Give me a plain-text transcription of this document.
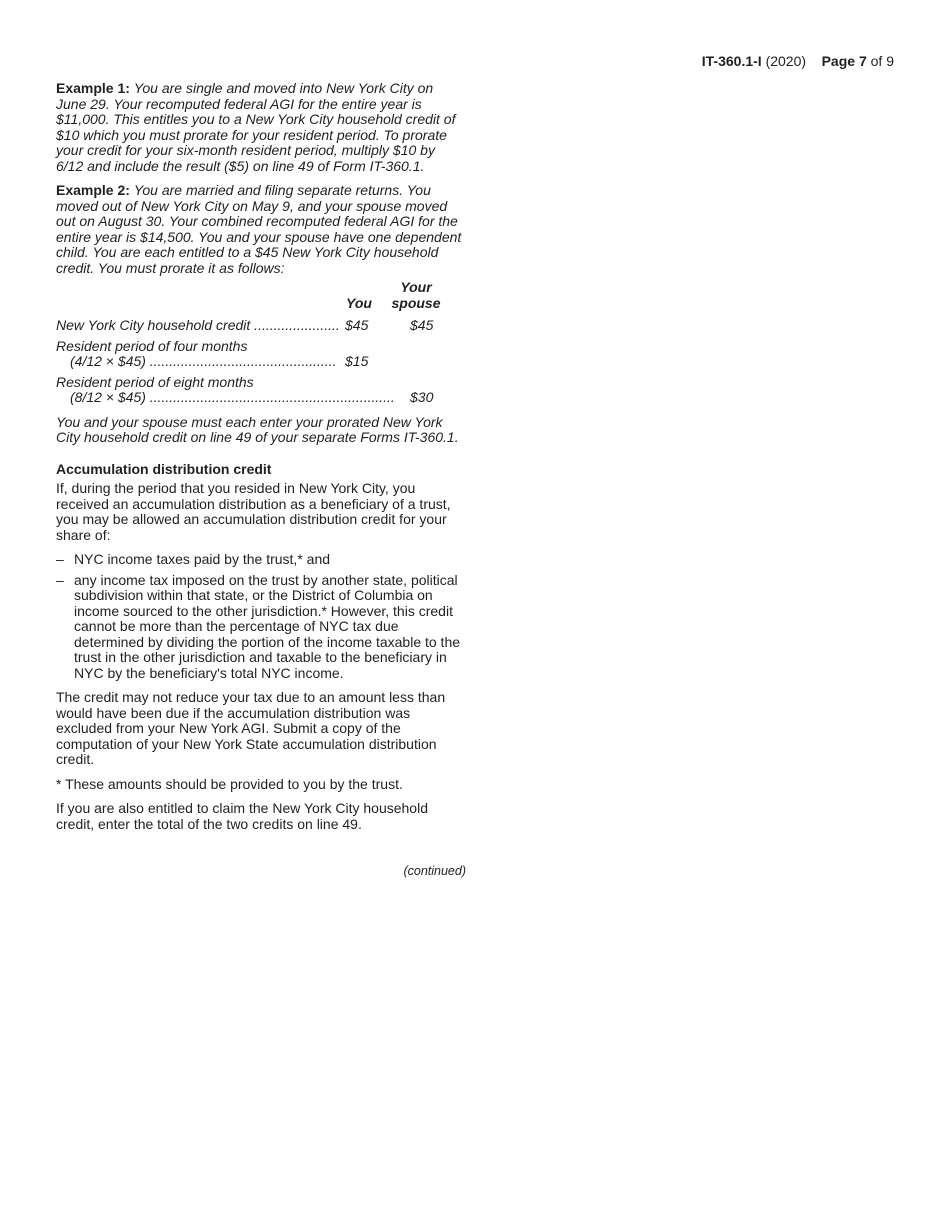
IT-360.1-I (2020) Page 7 of 9

Example 1: You are single and moved into New York City on June 29. Your recomputed federal AGI for the entire year is $11,000. This entitles you to a New York City household credit of $10 which you must prorate for your resident period. To prorate your credit for your six-month resident period, multiply $10 by 6/12 and include the result ($5) on line 49 of Form IT-360.1.

Example 2: You are married and filing separate returns. You moved out of New York City on May 9, and your spouse moved out on August 30. Your combined recomputed federal AGI for the entire year is $14,500. You and your spouse have one dependent child. You are each entitled to a $45 New York City household credit. You must prorate it as follows:

You
Your
spouse
New York City household credit ...................... $45	$45
Resident period of four months
(4/12 × $45) ................................................ $15
Resident period of eight months
(8/12 × $45) ...............................................................	$30

You and your spouse must each enter your prorated New York City household credit on line 49 of your separate Forms IT-360.1.

Accumulation distribution credit

If, during the period that you resided in New York City, you received an accumulation distribution as a beneficiary of a trust, you may be allowed an accumulation distribution credit for your share of:

– NYC income taxes paid by the trust,* and
– any income tax imposed on the trust by another state, political subdivision within that state, or the District of Columbia on income sourced to the other jurisdiction.* However, this credit cannot be more than the percentage of NYC tax due determined by dividing the portion of the income taxable to the trust in the other jurisdiction and taxable to the beneficiary in NYC by the beneficiary's total NYC income.

The credit may not reduce your tax due to an amount less than would have been due if the accumulation distribution was excluded from your New York AGI. Submit a copy of the computation of your New York State accumulation distribution credit.

* These amounts should be provided to you by the trust.

If you are also entitled to claim the New York City household credit, enter the total of the two credits on line 49.

(continued)
